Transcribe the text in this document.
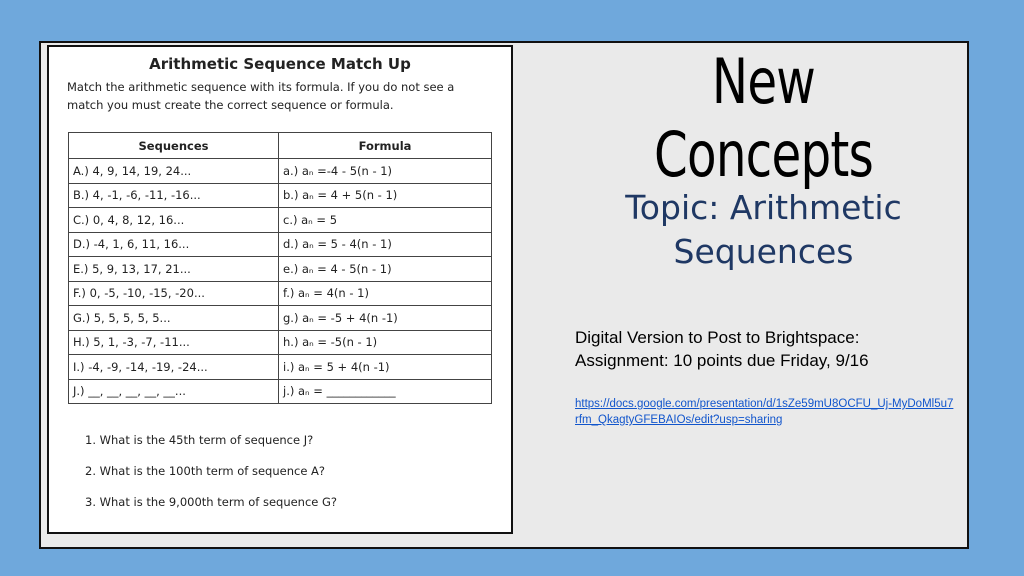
Arithmetic Sequence Match Up
Match the arithmetic sequence with its formula. If you do not see a match you must create the correct sequence or formula.
Sequences	Formula
A.) 4, 9, 14, 19, 24...	a.) aₙ =-4 - 5(n - 1)
B.) 4, -1, -6, -11, -16...	b.) aₙ = 4 + 5(n - 1)
C.) 0, 4, 8, 12, 16...	c.) aₙ = 5
D.) -4, 1, 6, 11, 16...	d.) aₙ = 5 - 4(n - 1)
E.) 5, 9, 13, 17, 21...	e.) aₙ = 4 - 5(n - 1)
F.) 0, -5, -10, -15, -20...	f.) aₙ = 4(n - 1)
G.) 5, 5, 5, 5, 5...	g.) aₙ = -5 + 4(n -1)
H.) 5, 1, -3, -7, -11...	h.) aₙ = -5(n - 1)
I.) -4, -9, -14, -19, -24...	i.) aₙ = 5 + 4(n -1)
J.) __, __, __, __, __...	j.) aₙ = ____________
1. What is the 45th term of sequence J?
2. What is the 100th term of sequence A?
3. What is the 9,000th term of sequence G?
New Concepts
Topic: Arithmetic
Sequences
Digital Version to Post to Brightspace:
Assignment: 10 points due Friday, 9/16
https://docs.google.com/presentation/d/1sZe59mU8OCFU_Uj-MyDoMl5u7rfm_QkagtyGFEBAIOs/edit?usp=sharing
